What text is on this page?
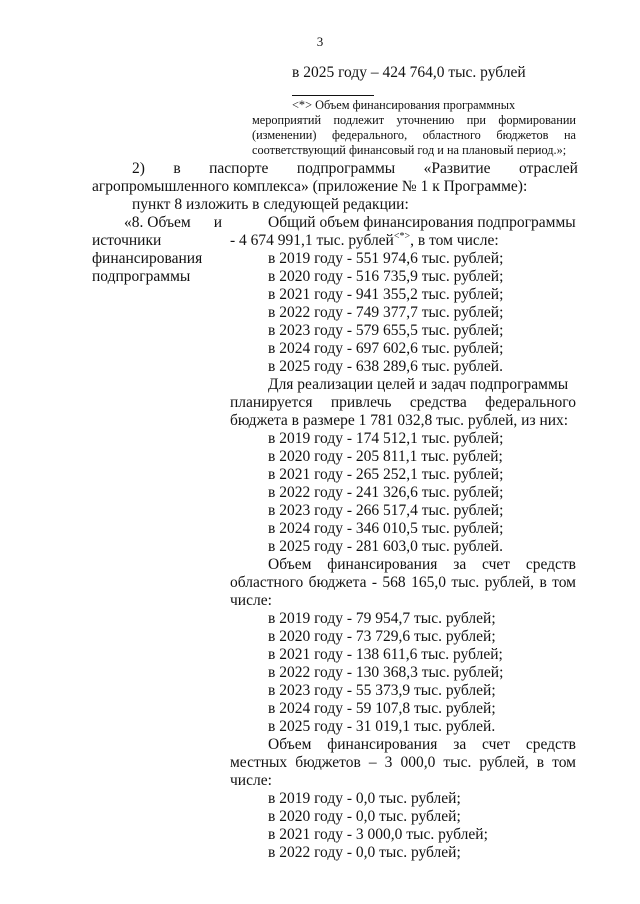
3
в 2025 году – 424 764,0 тыс. рублей
<*> Объем финансирования программных
мероприятий подлежит уточнению при формировании
(изменении) федерального, областного бюджетов на
соответствующий финансовый год и на плановый период.»;
2) в паспорте подпрограммы «Развитие отраслей
агропромышленного комплекса» (приложение № 1 к Программе):
пункт 8 изложить в следующей редакции:
«8. Объем и
источники
финансирования
подпрограммы
Общий объем финансирования подпрограммы
- 4 674 991,1 тыс. рублей<*>, в том числе:
в 2019 году - 551 974,6 тыс. рублей;
в 2020 году - 516 735,9 тыс. рублей;
в 2021 году - 941 355,2 тыс. рублей;
в 2022 году - 749 377,7 тыс. рублей;
в 2023 году - 579 655,5 тыс. рублей;
в 2024 году - 697 602,6 тыс. рублей;
в 2025 году - 638 289,6 тыс. рублей.
Для реализации целей и задач подпрограммы
планируется привлечь средства федерального
бюджета в размере 1 781 032,8 тыс. рублей, из них:
в 2019 году - 174 512,1 тыс. рублей;
в 2020 году - 205 811,1 тыс. рублей;
в 2021 году - 265 252,1 тыс. рублей;
в 2022 году - 241 326,6 тыс. рублей;
в 2023 году - 266 517,4 тыс. рублей;
в 2024 году - 346 010,5 тыс. рублей;
в 2025 году - 281 603,0 тыс. рублей.
Объем финансирования за счет средств
областного бюджета - 568 165,0 тыс. рублей, в том
числе:
в 2019 году - 79 954,7 тыс. рублей;
в 2020 году - 73 729,6 тыс. рублей;
в 2021 году - 138 611,6 тыс. рублей;
в 2022 году - 130 368,3 тыс. рублей;
в 2023 году - 55 373,9 тыс. рублей;
в 2024 году - 59 107,8 тыс. рублей;
в 2025 году - 31 019,1 тыс. рублей.
Объем финансирования за счет средств
местных бюджетов – 3 000,0 тыс. рублей, в том
числе:
в 2019 году - 0,0 тыс. рублей;
в 2020 году - 0,0 тыс. рублей;
в 2021 году - 3 000,0 тыс. рублей;
в 2022 году - 0,0 тыс. рублей;
